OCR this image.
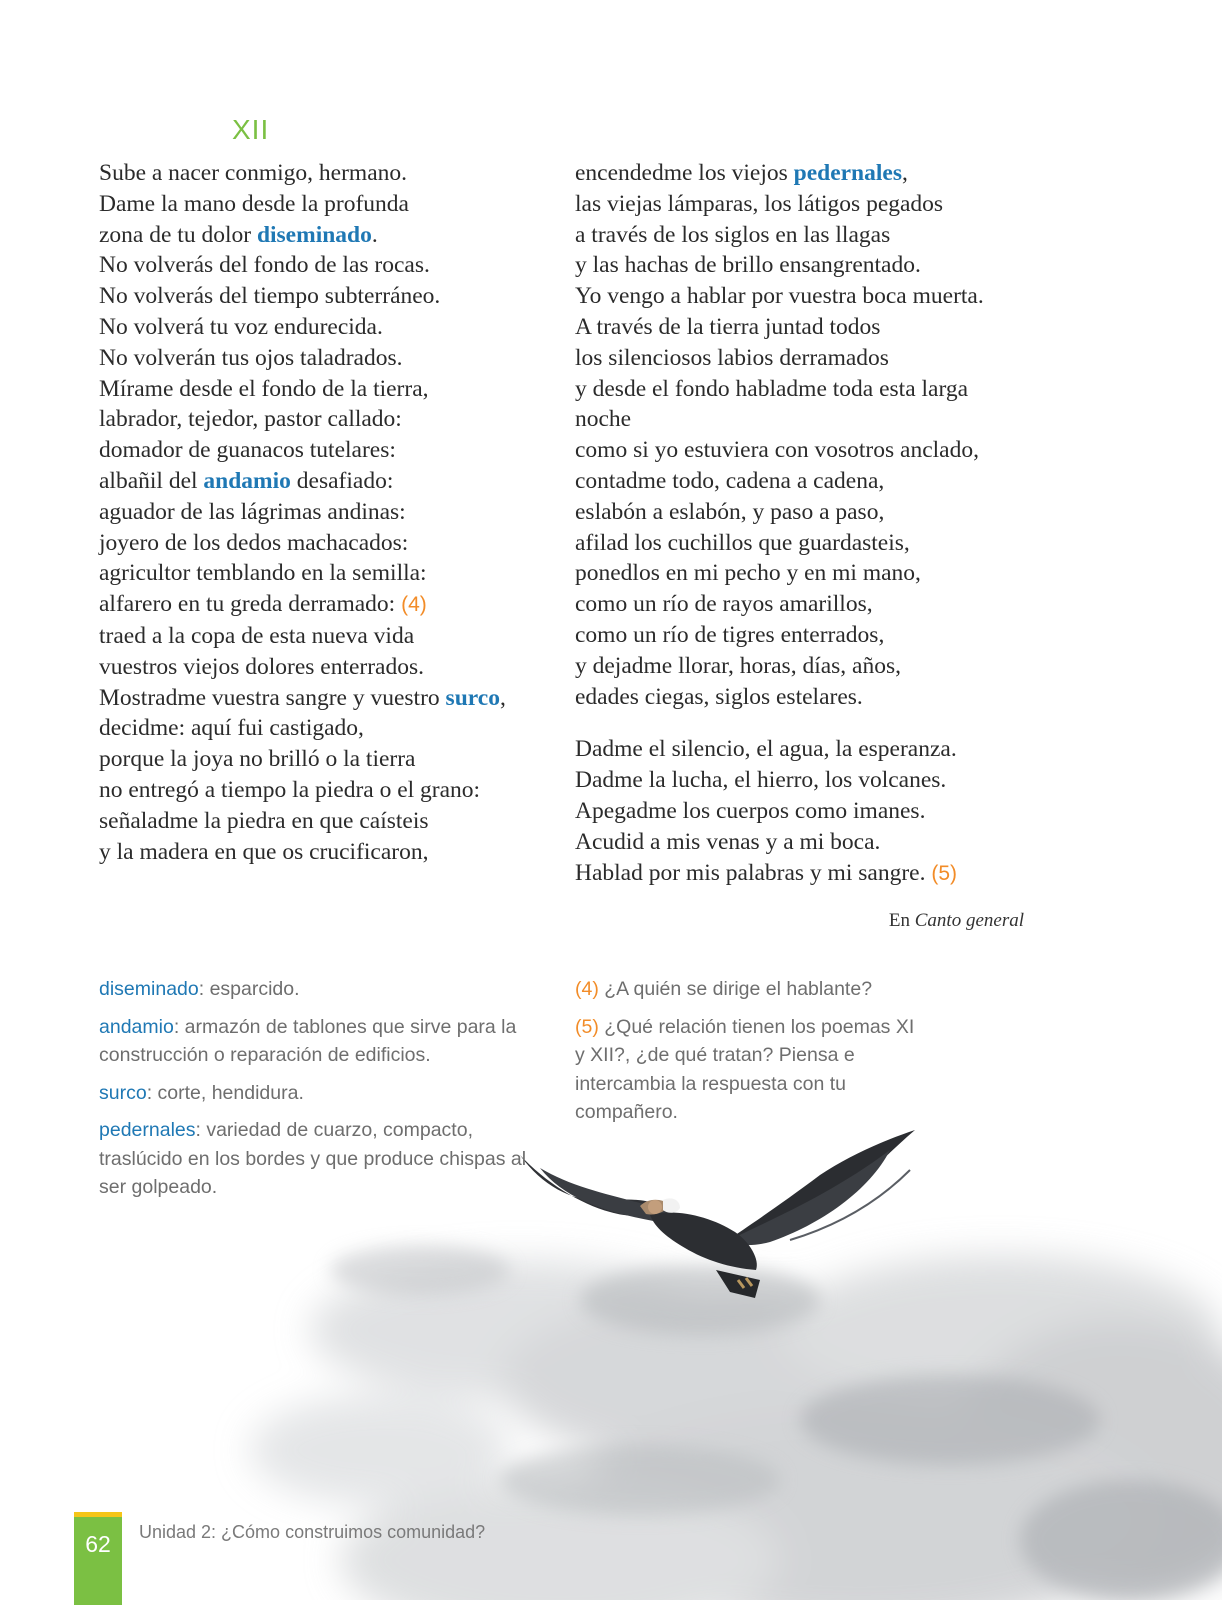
XII
Sube a nacer conmigo, hermano.
Dame la mano desde la profunda
zona de tu dolor diseminado.
No volverás del fondo de las rocas.
No volverás del tiempo subterráneo.
No volverá tu voz endurecida.
No volverán tus ojos taladrados.
Mírame desde el fondo de la tierra,
labrador, tejedor, pastor callado:
domador de guanacos tutelares:
albañil del andamio desafiado:
aguador de las lágrimas andinas:
joyero de los dedos machacados:
agricultor temblando en la semilla:
alfarero en tu greda derramado: (4)
traed a la copa de esta nueva vida
vuestros viejos dolores enterrados.
Mostradme vuestra sangre y vuestro surco,
decidme: aquí fui castigado,
porque la joya no brilló o la tierra
no entregó a tiempo la piedra o el grano:
señaladme la piedra en que caísteis
y la madera en que os crucificaron,
encendedme los viejos pedernales,
las viejas lámparas, los látigos pegados
a través de los siglos en las llagas
y las hachas de brillo ensangrentado.
Yo vengo a hablar por vuestra boca muerta.
A través de la tierra juntad todos
los silenciosos labios derramados
y desde el fondo habladme toda esta larga
noche
como si yo estuviera con vosotros anclado,
contadme todo, cadena a cadena,
eslabón a eslabón, y paso a paso,
afilad los cuchillos que guardasteis,
ponedlos en mi pecho y en mi mano,
como un río de rayos amarillos,
como un río de tigres enterrados,
y dejadme llorar, horas, días, años,
edades ciegas, siglos estelares.
Dadme el silencio, el agua, la esperanza.
Dadme la lucha, el hierro, los volcanes.
Apegadme los cuerpos como imanes.
Acudid a mis venas y a mi boca.
Hablad por mis palabras y mi sangre. (5)

En Canto general

diseminado: esparcido.

andamio: armazón de tablones que sirve para la construcción o reparación de edificios.

surco: corte, hendidura.

pedernales: variedad de cuarzo, compacto, traslúcido en los bordes y que produce chispas al ser golpeado.

(4) ¿A quién se dirige el hablante?

(5) ¿Qué relación tienen los poemas XI y XII?, ¿de qué tratan? Piensa e intercambia la respuesta con tu compañero.

62	Unidad 2: ¿Cómo construimos comunidad?
